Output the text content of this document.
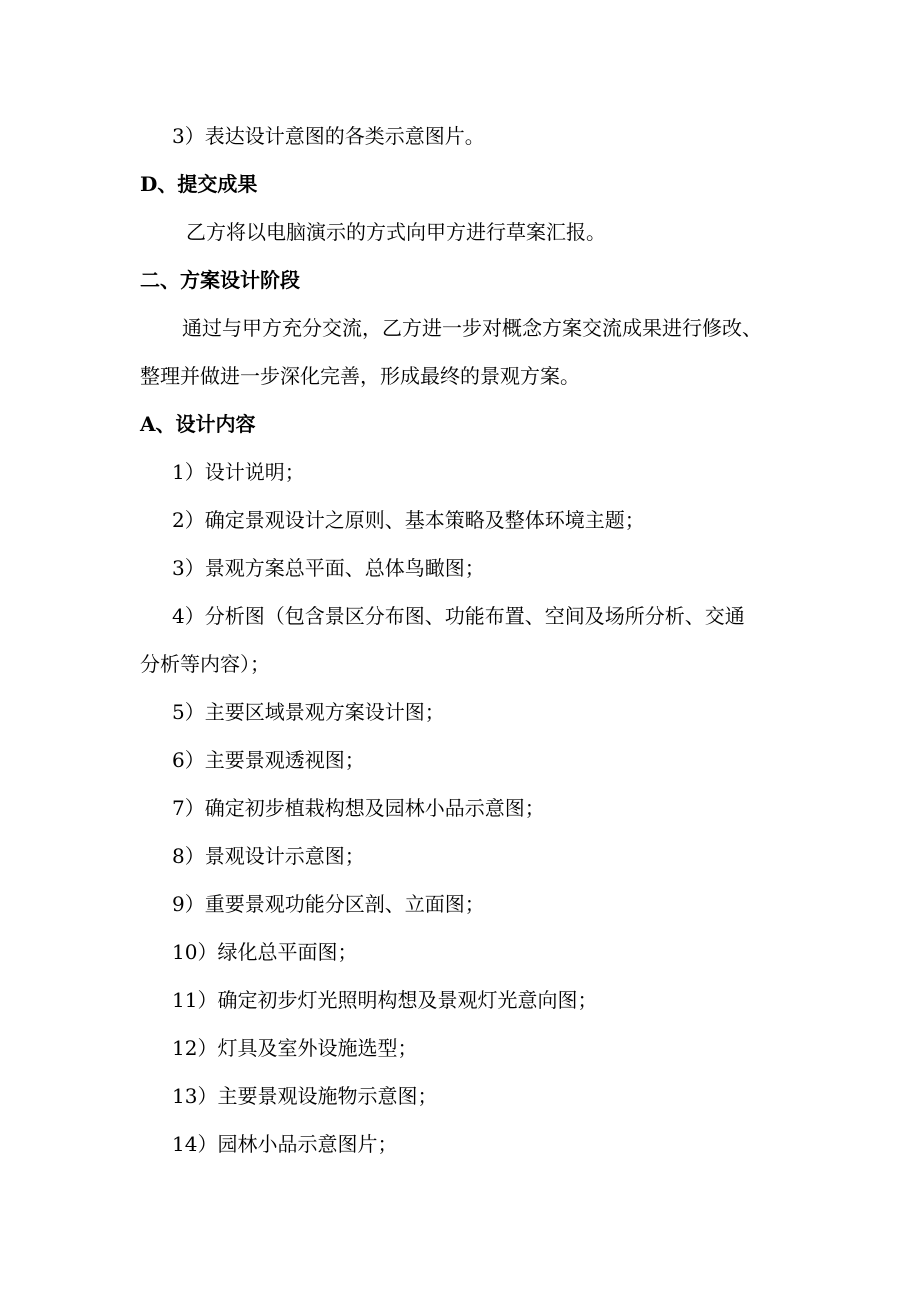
3）表达设计意图的各类示意图片。
D、提交成果
乙方将以电脑演示的方式向甲方进行草案汇报。
二、方案设计阶段
通过与甲方充分交流，乙方进一步对概念方案交流成果进行修改、
整理并做进一步深化完善，形成最终的景观方案。
A、设计内容
1）设计说明；
2）确定景观设计之原则、基本策略及整体环境主题；
3）景观方案总平面、总体鸟瞰图；
4）分析图（包含景区分布图、功能布置、空间及场所分析、交通
分析等内容）；
5）主要区域景观方案设计图；
6）主要景观透视图；
7）确定初步植栽构想及园林小品示意图；
8）景观设计示意图；
9）重要景观功能分区剖、立面图；
10）绿化总平面图；
11）确定初步灯光照明构想及景观灯光意向图；
12）灯具及室外设施选型；
13）主要景观设施物示意图；
14）园林小品示意图片；
